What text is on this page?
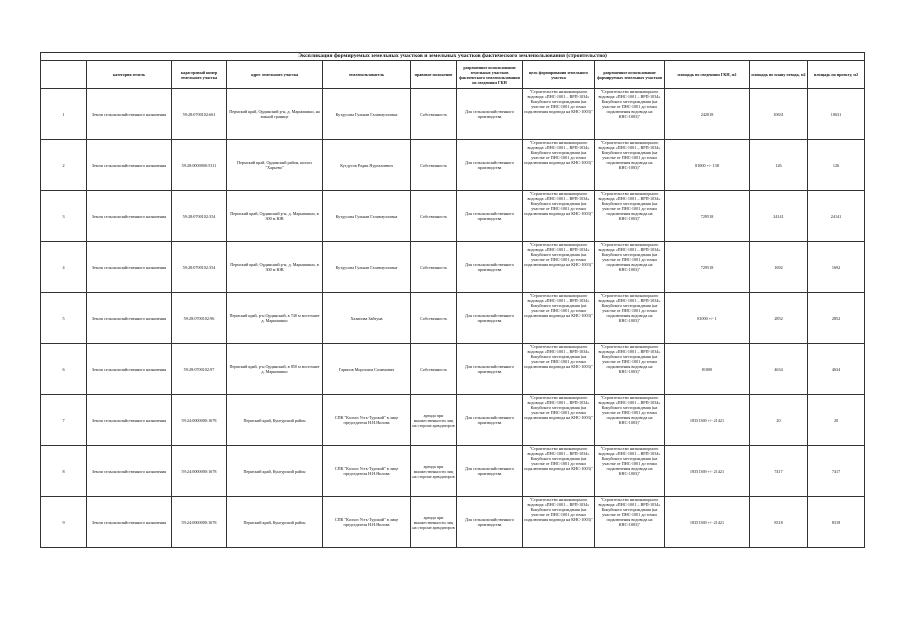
Экспликация формируемых земельных участков и земельных участков фактического землепользования (строительство)											
	категория земель	кадастровый номер земельного участка	адрес земельного участка	землепользователь	правовое положение	разрешенное использование земельных участков фактического землепользования по сведениям ГКН	цель формирования земельного участка	разрешенное использование формируемых земельных участков	площадь по сведениям ГКН, м2	площадь по плану отвода, м2	площадь по проекту, м2
1	Земли сельскохозяйственного назначения	59:28:0700102:661	Пермский край, Ординский р-н, д. Марнишино, на южной границе	Кутдусова Гульнав Галимзулловна	Собственность	Для сельскохозяйственного производства	"Строительство низконапорного водовода «ПНС-1001 – ВРП-1034» Кокуйского месторождения (на участке от ПНС-1001 до точки подключения водовода на КНС-1003)"	"Строительство низконапорного водовода «ПНС-1001 – ВРП-1034» Кокуйского месторождения (на участке от ПНС-1001 до точки подключения водовода на КНС-1003)"	242018	10631	10631
2	Земли сельскохозяйственного назначения	59:28:0000000:5311	Пермский край, Ординский район, колхоз "Харьево"	Кутдусов Радик Нургалиевич	Собственность	Для сельскохозяйственного производства	"Строительство низконапорного водовода «ПНС-1001 – ВРП-1034» Кокуйского месторождения (на участке от ПНС-1001 до точки подключения водовода на КНС-1003)"	"Строительство низконапорного водовода «ПНС-1001 – ВРП-1034» Кокуйского месторождения (на участке от ПНС-1001 до точки подключения водовода на КНС-1003)"	81000 +/- 138	126	126
3	Земли сельскохозяйственного назначения	59:28:0700102:354	Пермский край, Ординский р-н, д. Марнишино, в 300 м ЮВ	Кутдусова Гульнав Галимзулловна	Собственность	Для сельскохозяйственного производства	"Строительство низконапорного водовода «ПНС-1001 – ВРП-1034» Кокуйского месторождения (на участке от ПНС-1001 до точки подключения водовода на КНС-1003)"	"Строительство низконапорного водовода «ПНС-1001 – ВРП-1034» Кокуйского месторождения (на участке от ПНС-1001 до точки подключения водовода на КНС-1003)"	729518	24141	24141
4	Земли сельскохозяйственного назначения	59:28:0700102:354	Пермский край, Ординский р-н, д. Марнишино, в 300 м ЮВ	Кутдусова Гульнав Галимзулловна	Собственность	Для сельскохозяйственного производства	"Строительство низконапорного водовода «ПНС-1001 – ВРП-1034» Кокуйского месторождения (на участке от ПНС-1001 до точки подключения водовода на КНС-1003)"	"Строительство низконапорного водовода «ПНС-1001 – ВРП-1034» Кокуйского месторождения (на участке от ПНС-1001 до точки подключения водовода на КНС-1003)"	729518	1692	1692
5	Земли сельскохозяйственного назначения	59:28:0700102:96	Пермский край, р-н Ординский, в 740 м восточнее д. Марнишино	Хазипова Зайтуна	Собственность	Для сельскохозяйственного производства	"Строительство низконапорного водовода «ПНС-1001 – ВРП-1034» Кокуйского месторождения (на участке от ПНС-1001 до точки подключения водовода на КНС-1003)"	"Строительство низконапорного водовода «ПНС-1001 – ВРП-1034» Кокуйского месторождения (на участке от ПНС-1001 до точки подключения водовода на КНС-1003)"	81000 +/- 1	2852	2852
6	Земли сельскохозяйственного назначения	59:28:0700102:97	Пермский край, р-н Ординский, в 850 м восточнее д. Марнишино	Гарипов Моргалим Салимович	Собственность	Для сельскохозяйственного производства	"Строительство низконапорного водовода «ПНС-1001 – ВРП-1034» Кокуйского месторождения (на участке от ПНС-1001 до точки подключения водовода на КНС-1003)"	"Строительство низконапорного водовода «ПНС-1001 – ВРП-1034» Кокуйского месторождения (на участке от ПНС-1001 до точки подключения водовода на КНС-1003)"	81000	4634	4634
7	Земли сельскохозяйственного назначения	59:24:0000000:1678	Пермский край, Кунгурский район	СПК "Колхоз Усть-Турский" в лице председателя Н.Н.Нилова	аренда при множественности лиц на стороне арендаторов	Для сельскохозяйственного производства	"Строительство низконапорного водовода «ПНС-1001 – ВРП-1034» Кокуйского месторождения (на участке от ПНС-1001 до точки подключения водовода на КНС-1003)"	"Строительство низконапорного водовода «ПНС-1001 – ВРП-1034» Кокуйского месторождения (на участке от ПНС-1001 до точки подключения водовода на КНС-1003)"	18351369 +/- 21421	20	20
8	Земли сельскохозяйственного назначения	59:24:0000000:1678	Пермский край, Кунгурский район	СПК "Колхоз Усть-Турский" в лице председателя Н.Н.Нилова	аренда при множественности лиц на стороне арендаторов	Для сельскохозяйственного производства	"Строительство низконапорного водовода «ПНС-1001 – ВРП-1034» Кокуйского месторождения (на участке от ПНС-1001 до точки подключения водовода на КНС-1003)"	"Строительство низконапорного водовода «ПНС-1001 – ВРП-1034» Кокуйского месторождения (на участке от ПНС-1001 до точки подключения водовода на КНС-1003)"	18351369 +/- 21421	7417	7417
9	Земли сельскохозяйственного назначения	59:24:0000000:1678	Пермский край, Кунгурский район	СПК "Колхоз Усть-Турский" в лице председателя Н.Н.Нилова	аренда при множественности лиц на стороне арендаторов	Для сельскохозяйственного производства	"Строительство низконапорного водовода «ПНС-1001 – ВРП-1034» Кокуйского месторождения (на участке от ПНС-1001 до точки подключения водовода на КНС-1003)"	"Строительство низконапорного водовода «ПНС-1001 – ВРП-1034» Кокуйского месторождения (на участке от ПНС-1001 до точки подключения водовода на КНС-1003)"	18351369 +/- 21421	8318	8318
